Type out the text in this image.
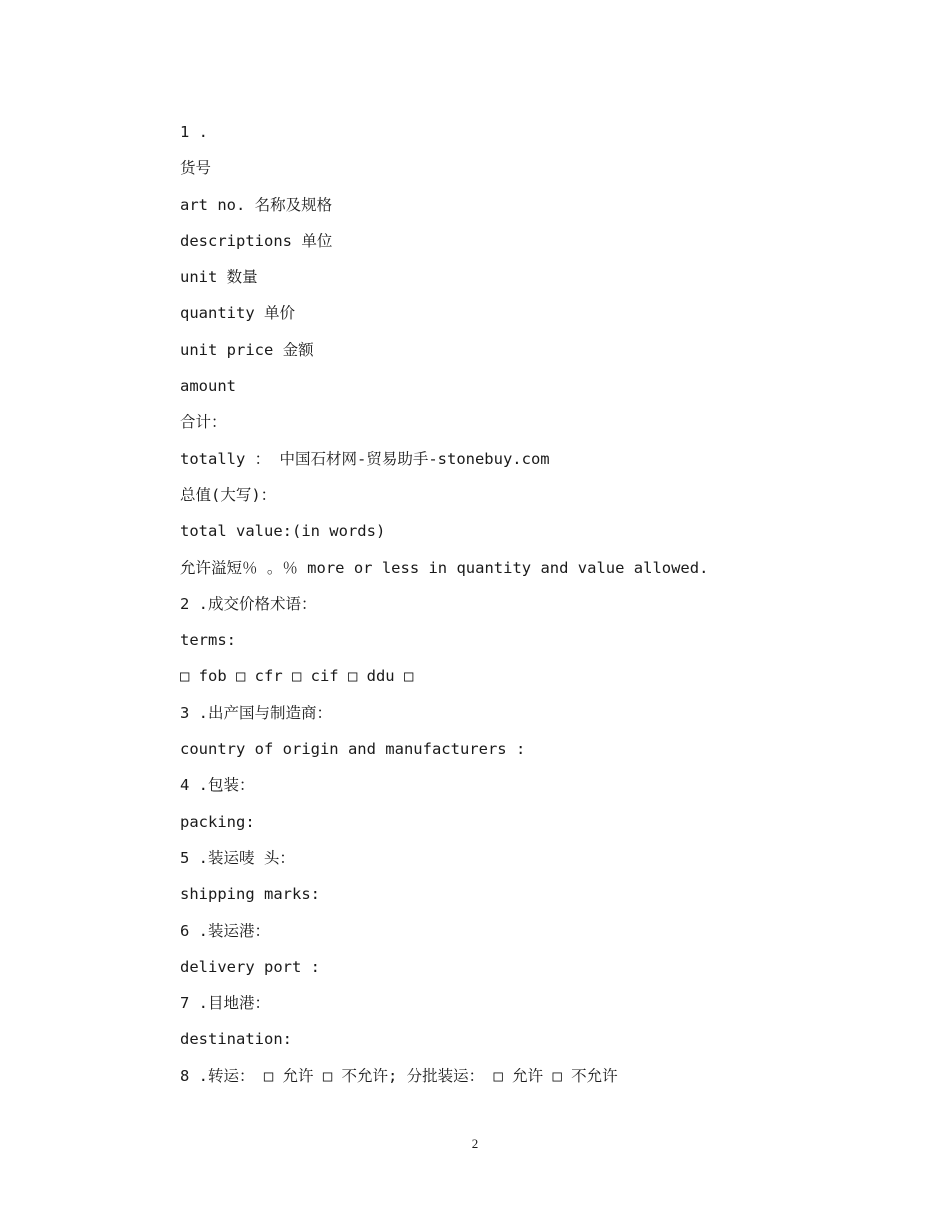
1 .
货号
art no. 名称及规格
descriptions 单位
unit 数量
quantity 单价
unit price 金额
amount
合计：
totally ： 中国石材网-贸易助手-stonebuy.com
总值(大写)：
total value:(in words)
允许溢短％ 。％ more or less in quantity and value allowed.
2 .成交价格术语：
terms:
□ fob □ cfr □ cif □ ddu □
3 .出产国与制造商：
country of origin and manufacturers :
4 .包装：
packing:
5 .装运唛 头：
shipping marks:
6 .装运港：
delivery port :
7 .目地港：
destination:
8 .转运： □ 允许 □ 不允许; 分批装运： □ 允许 □ 不允许
2
